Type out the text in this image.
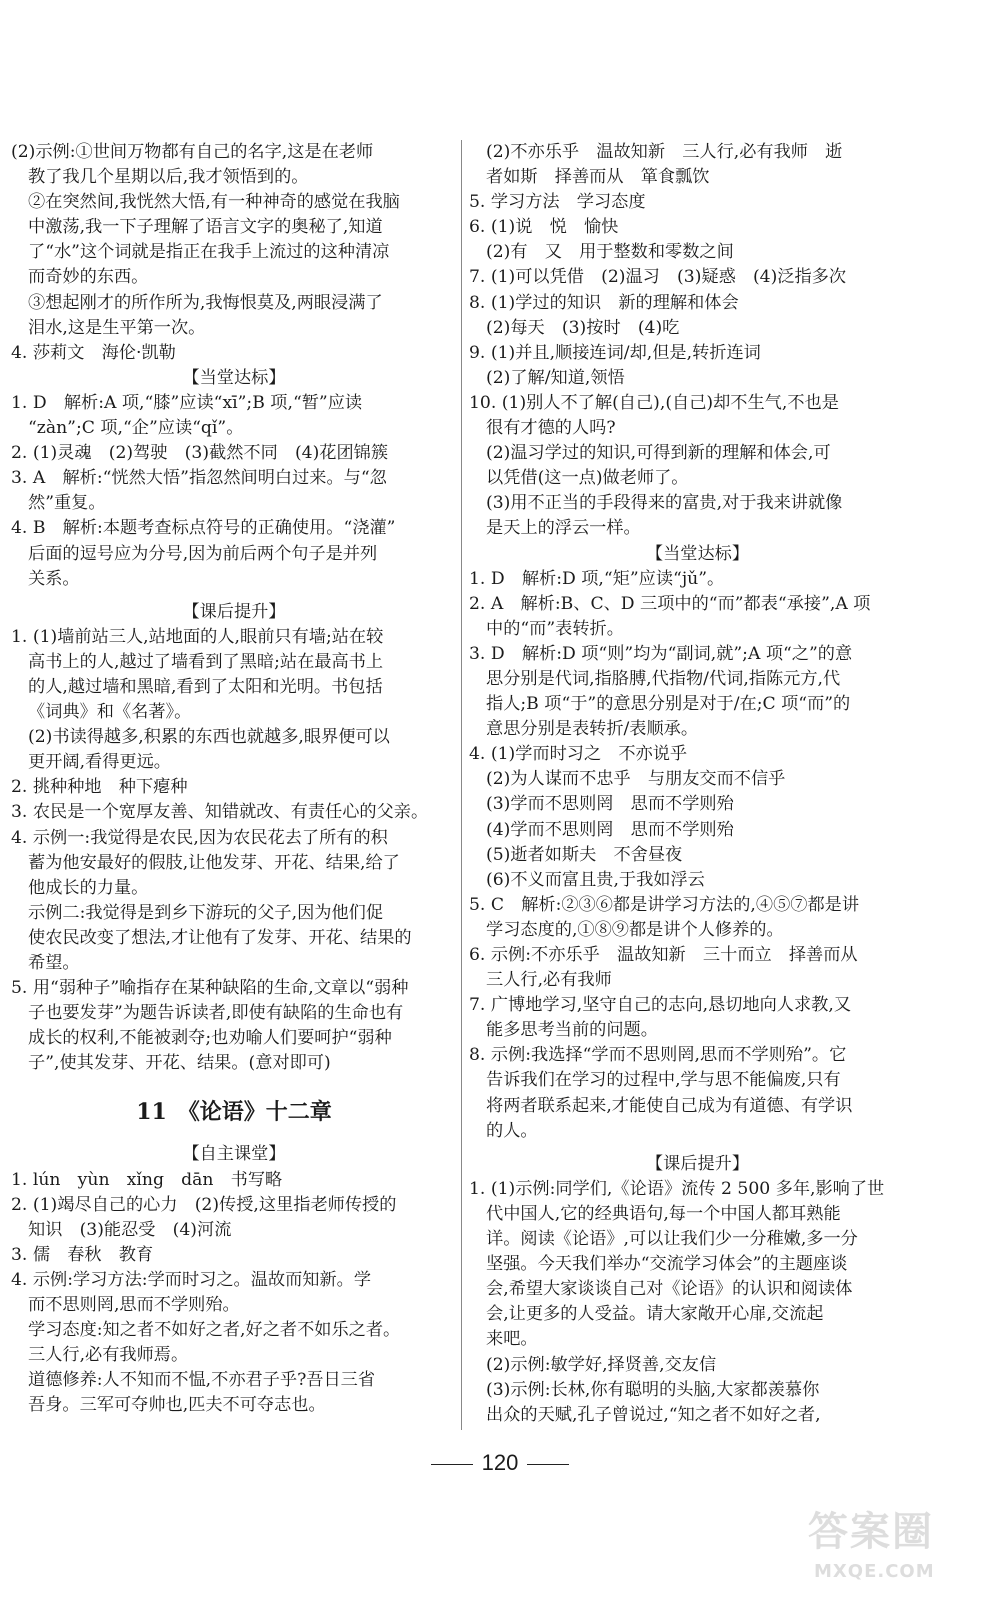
(2)示例:①世间万物都有自己的名字,这是在老师
教了我几个星期以后,我才领悟到的。
②在突然间,我恍然大悟,有一种神奇的感觉在我脑
中激荡,我一下子理解了语言文字的奥秘了,知道
了“水”这个词就是指正在我手上流过的这种清凉
而奇妙的东西。
③想起刚才的所作所为,我悔恨莫及,两眼浸满了
泪水,这是生平第一次。
4. 莎莉文　海伦·凯勒
【当堂达标】
1. D　解析:A 项,“膝”应读“xī”;B 项,“暂”应读
“zàn”;C 项,“企”应读“qǐ”。
2. (1)灵魂　(2)驾驶　(3)截然不同　(4)花团锦簇
3. A　解析:“恍然大悟”指忽然间明白过来。与“忽
然”重复。
4. B　解析:本题考查标点符号的正确使用。“浇灌”
后面的逗号应为分号,因为前后两个句子是并列
关系。
【课后提升】
1. (1)墙前站三人,站地面的人,眼前只有墙;站在较
高书上的人,越过了墙看到了黑暗;站在最高书上
的人,越过墙和黑暗,看到了太阳和光明。书包括
《词典》和《名著》。
(2)书读得越多,积累的东西也就越多,眼界便可以
更开阔,看得更远。
2. 挑种种地　种下瘪种
3. 农民是一个宽厚友善、知错就改、有责任心的父亲。
4. 示例一:我觉得是农民,因为农民花去了所有的积
蓄为他安最好的假肢,让他发芽、开花、结果,给了
他成长的力量。
示例二:我觉得是到乡下游玩的父子,因为他们促
使农民改变了想法,才让他有了发芽、开花、结果的
希望。
5. 用“弱种子”喻指存在某种缺陷的生命,文章以“弱种
子也要发芽”为题告诉读者,即使有缺陷的生命也有
成长的权利,不能被剥夺;也劝喻人们要呵护“弱种
子”,使其发芽、开花、结果。(意对即可)
11　《论语》十二章
【自主课堂】
1. lún　yùn　xǐng　dān　书写略
2. (1)竭尽自己的心力　(2)传授,这里指老师传授的
知识　(3)能忍受　(4)河流
3. 儒　春秋　教育
4. 示例:学习方法:学而时习之。温故而知新。学
而不思则罔,思而不学则殆。
学习态度:知之者不如好之者,好之者不如乐之者。
三人行,必有我师焉。
道德修养:人不知而不愠,不亦君子乎?吾日三省
吾身。三军可夺帅也,匹夫不可夺志也。
(2)不亦乐乎　温故知新　三人行,必有我师　逝
者如斯　择善而从　箪食瓢饮
5. 学习方法　学习态度
6. (1)说　悦　愉快
(2)有　又　用于整数和零数之间
7. (1)可以凭借　(2)温习　(3)疑惑　(4)泛指多次
8. (1)学过的知识　新的理解和体会
(2)每天　(3)按时　(4)吃
9. (1)并且,顺接连词/却,但是,转折连词
(2)了解/知道,领悟
10. (1)别人不了解(自己),(自己)却不生气,不也是
很有才德的人吗?
(2)温习学过的知识,可得到新的理解和体会,可
以凭借(这一点)做老师了。
(3)用不正当的手段得来的富贵,对于我来讲就像
是天上的浮云一样。
【当堂达标】
1. D　解析:D 项,“矩”应读“jǔ”。
2. A　解析:B、C、D 三项中的“而”都表“承接”,A 项
中的“而”表转折。
3. D　解析:D 项“则”均为“副词,就”;A 项“之”的意
思分别是代词,指胳膊,代指物/代词,指陈元方,代
指人;B 项“于”的意思分别是对于/在;C 项“而”的
意思分别是表转折/表顺承。
4. (1)学而时习之　不亦说乎
(2)为人谋而不忠乎　与朋友交而不信乎
(3)学而不思则罔　思而不学则殆
(4)学而不思则罔　思而不学则殆
(5)逝者如斯夫　不舍昼夜
(6)不义而富且贵,于我如浮云
5. C　解析:②③⑥都是讲学习方法的,④⑤⑦都是讲
学习态度的,①⑧⑨都是讲个人修养的。
6. 示例:不亦乐乎　温故知新　三十而立　择善而从
三人行,必有我师
7. 广博地学习,坚守自己的志向,恳切地向人求教,又
能多思考当前的问题。
8. 示例:我选择“学而不思则罔,思而不学则殆”。它
告诉我们在学习的过程中,学与思不能偏废,只有
将两者联系起来,才能使自己成为有道德、有学识
的人。
【课后提升】
1. (1)示例:同学们,《论语》流传 2 500 多年,影响了世
代中国人,它的经典语句,每一个中国人都耳熟能
详。阅读《论语》,可以让我们少一分稚嫩,多一分
坚强。今天我们举办“交流学习体会”的主题座谈
会,希望大家谈谈自己对《论语》的认识和阅读体
会,让更多的人受益。请大家敞开心扉,交流起
来吧。
(2)示例:敏学好,择贤善,交友信
(3)示例:长林,你有聪明的头脑,大家都羡慕你
出众的天赋,孔子曾说过,“知之者不如好之者,
120
答案圈
MXQE.COM
